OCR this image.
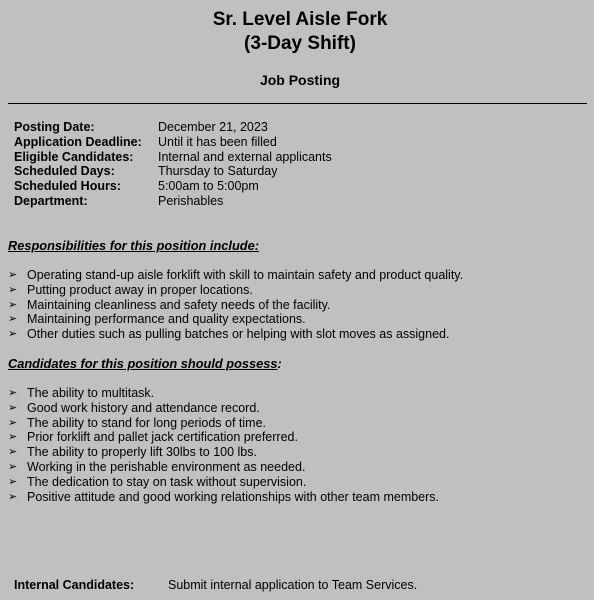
Sr. Level Aisle Fork
(3-Day Shift)
Job Posting
Posting Date:	December 21, 2023
Application Deadline:	Until it has been filled
Eligible Candidates:	Internal and external applicants
Scheduled Days:	Thursday to Saturday
Scheduled Hours:	5:00am to 5:00pm
Department:	Perishables
Responsibilities for this position include:
➢ Operating stand-up aisle forklift with skill to maintain safety and product quality.
➢ Putting product away in proper locations.
➢ Maintaining cleanliness and safety needs of the facility.
➢ Maintaining performance and quality expectations.
➢ Other duties such as pulling batches or helping with slot moves as assigned.
Candidates for this position should possess:
➢ The ability to multitask.
➢ Good work history and attendance record.
➢ The ability to stand for long periods of time.
➢ Prior forklift and pallet jack certification preferred.
➢ The ability to properly lift 30lbs to 100 lbs.
➢ Working in the perishable environment as needed.
➢ The dedication to stay on task without supervision.
➢ Positive attitude and good working relationships with other team members.
Internal Candidates:	Submit internal application to Team Services.
